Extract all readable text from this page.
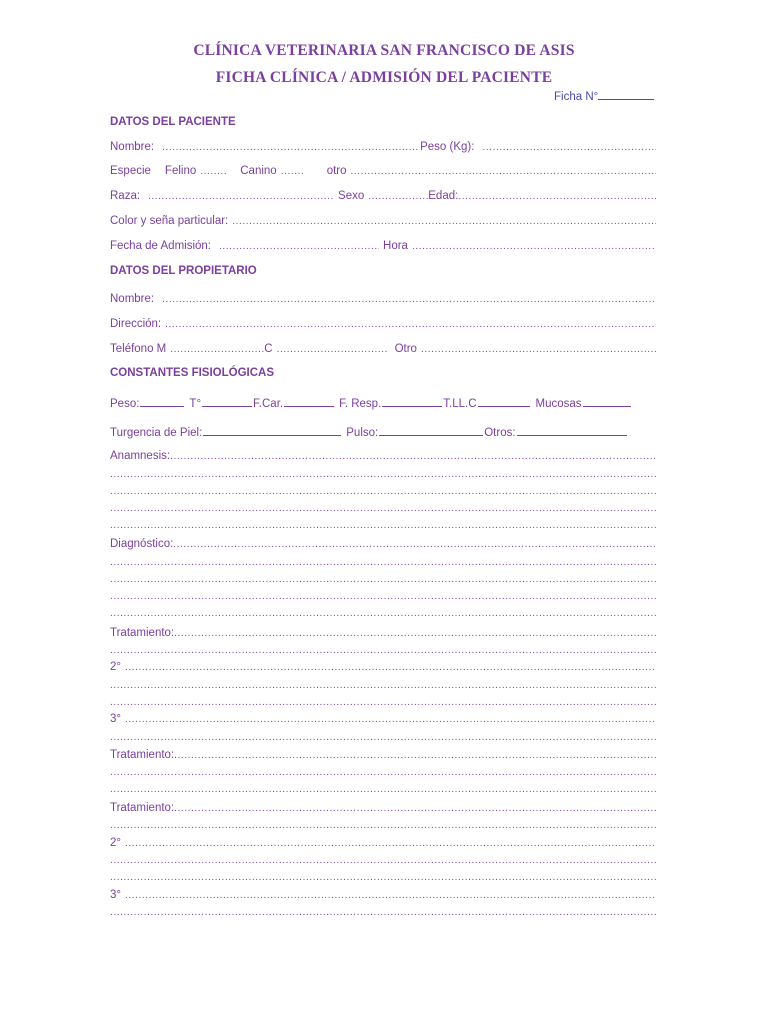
CLÍNICA VETERINARIA SAN FRANCISCO DE ASIS
FICHA CLÍNICA / ADMISIÓN DEL PACIENTE
Ficha N°
DATOS DEL PACIENTE
Nombre: .....	Peso (Kg):
.....
Especie Felino .....	Canino .....	otro
.....
Raza: .....	Sexo .....	Edad:
.....
Color y seña particular:
.....
Fecha de Admisión: .....	Hora
.....
DATOS DEL PROPIETARIO
Nombre:
.....
Dirección:
.....
Teléfono M .....	C .....	Otro
.....
CONSTANTES FISIOLÓGICAS
Peso:	T°	F.Car.	F. Resp.	T.LL.C	Mucosas
Turgencia de Piel:	Pulso:	Otros:
Anamnesis:
.....
.....
.....
.....
.....
Diagnóstico:
.....
.....
.....
.....
.....
Tratamiento:
.....
.....
2°
.....
.....
.....
3°
.....
.....
Tratamiento:
.....
.....
.....
Tratamiento:
.....
.....
2°
.....
.....
.....
3°
.....
.....
